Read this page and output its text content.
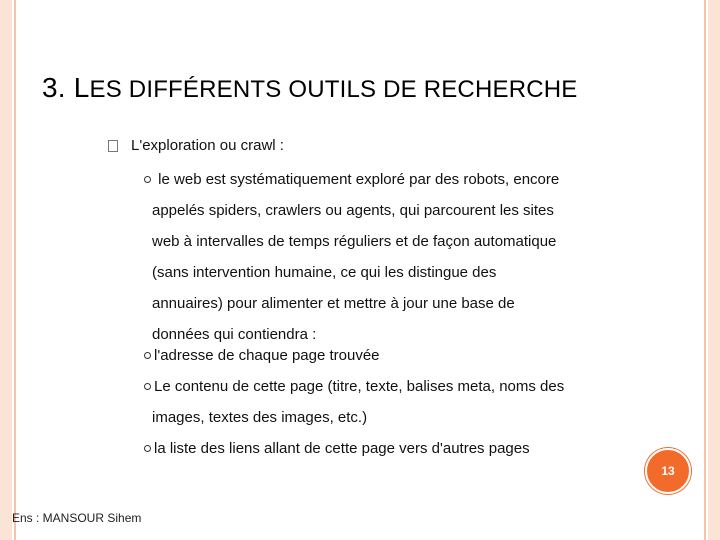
3. LES DIFFÉRENTS OUTILS DE RECHERCHE
L'exploration ou crawl :
le web est systématiquement exploré par des robots, encore
appelés spiders, crawlers ou agents, qui parcourent les sites
web à intervalles de temps réguliers et de façon automatique
(sans intervention humaine, ce qui les distingue des
annuaires) pour alimenter et mettre à jour une base de
données qui contiendra :
l'adresse de chaque page trouvée
Le contenu de cette page (titre, texte, balises meta, noms des
images, textes des images, etc.)
la liste des liens allant de cette page vers d'autres pages
13
Ens : MANSOUR Sihem
